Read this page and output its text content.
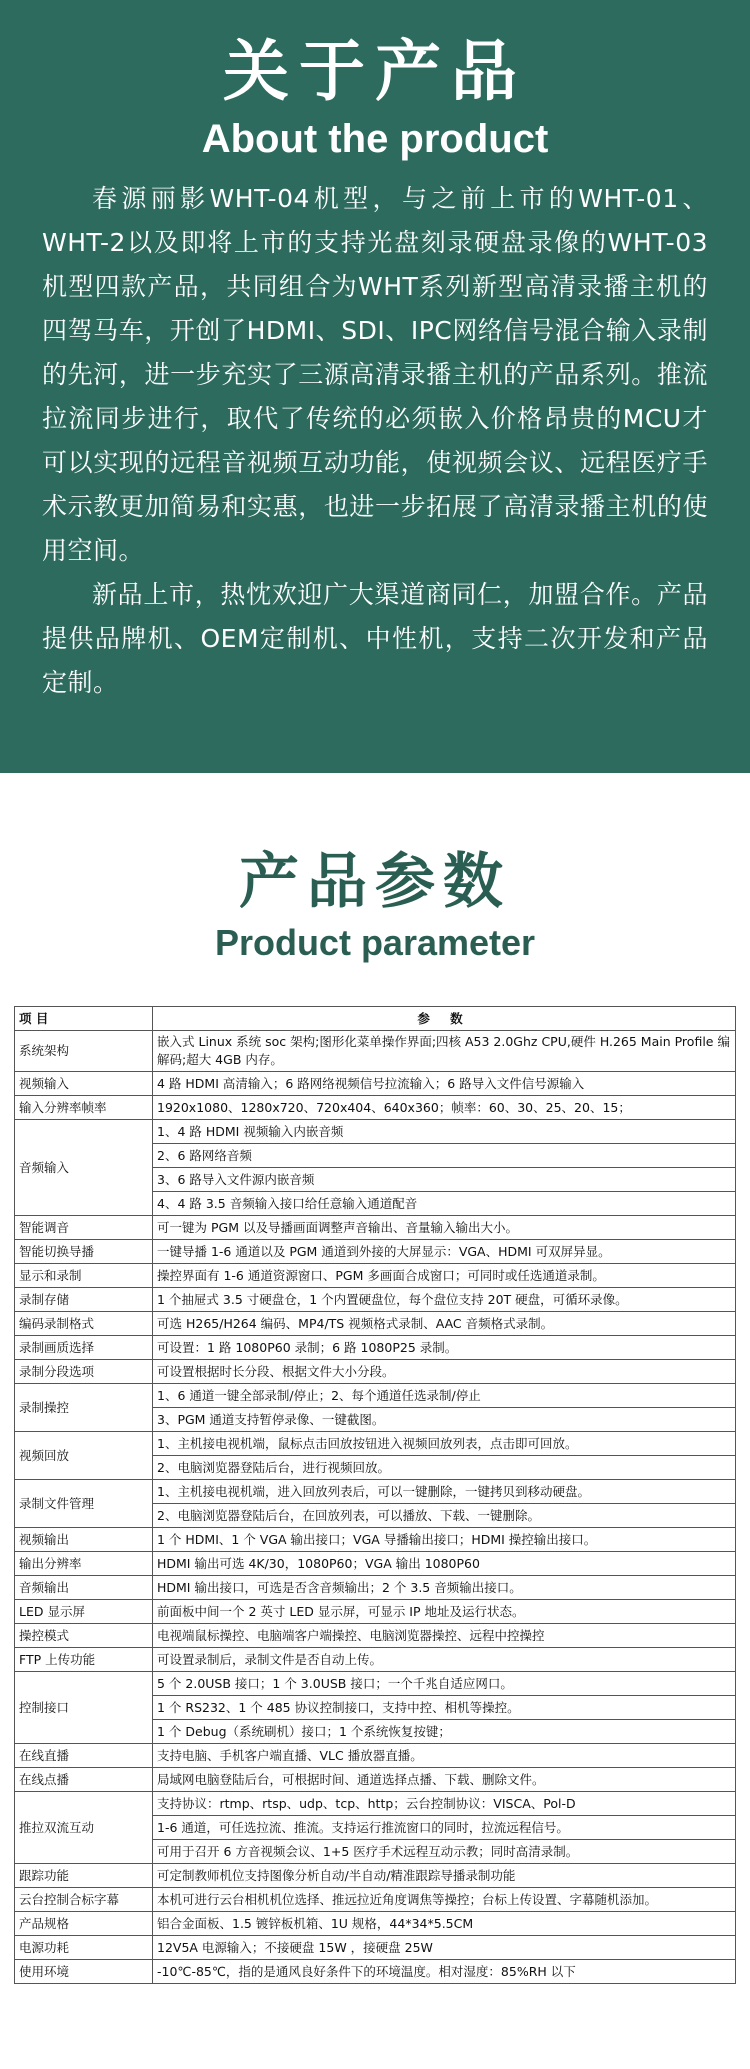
关于产品
About the product

春源丽影WHT-04机型，与之前上市的WHT-01、WHT-2以及即将上市的支持光盘刻录硬盘录像的WHT-03机型四款产品，共同组合为WHT系列新型高清录播主机的四驾马车，开创了HDMI、SDI、IPC网络信号混合输入录制的先河，进一步充实了三源高清录播主机的产品系列。推流拉流同步进行，取代了传统的必须嵌入价格昂贵的MCU才可以实现的远程音视频互动功能，使视频会议、远程医疗手术示教更加简易和实惠，也进一步拓展了高清录播主机的使用空间。

新品上市，热忱欢迎广大渠道商同仁，加盟合作。产品提供品牌机、OEM定制机、中性机，支持二次开发和产品定制。

产品参数
Product parameter
项 目	参 数
系统架构	嵌入式 Linux 系统 soc 架构;图形化菜单操作界面;四核 A53 2.0Ghz CPU,硬件 H.265 Main Profile 编解码;超大 4GB 内存。
视频输入	4 路 HDMI 高清输入；6 路网络视频信号拉流输入；6 路导入文件信号源输入
输入分辨率帧率	1920x1080、1280x720、720x404、640x360；帧率：60、30、25、20、15；
音频输入	1、4 路 HDMI 视频输入内嵌音频
	2、6 路网络音频
	3、6 路导入文件源内嵌音频
	4、4 路 3.5 音频输入接口给任意输入通道配音
智能调音	可一键为 PGM 以及导播画面调整声音输出、音量输入输出大小。
智能切换导播	一键导播 1-6 通道以及 PGM 通道到外接的大屏显示：VGA、HDMI 可双屏异显。
显示和录制	操控界面有 1-6 通道资源窗口、PGM 多画面合成窗口；可同时或任选通道录制。
录制存储	1 个抽屉式 3.5 寸硬盘仓，1 个内置硬盘位，每个盘位支持 20T 硬盘，可循环录像。
编码录制格式	可选 H265/H264 编码、MP4/TS 视频格式录制、AAC 音频格式录制。
录制画质选择	可设置：1 路 1080P60 录制；6 路 1080P25 录制。
录制分段选项	可设置根据时长分段、根据文件大小分段。
录制操控	1、6 通道一键全部录制/停止；2、每个通道任选录制/停止
	3、PGM 通道支持暂停录像、一键截图。
视频回放	1、主机接电视机端，鼠标点击回放按钮进入视频回放列表，点击即可回放。
	2、电脑浏览器登陆后台，进行视频回放。
录制文件管理	1、主机接电视机端，进入回放列表后，可以一键删除，一键拷贝到移动硬盘。
	2、电脑浏览器登陆后台，在回放列表，可以播放、下载、一键删除。
视频输出	1 个 HDMI、1 个 VGA 输出接口；VGA 导播输出接口；HDMI 操控输出接口。
输出分辨率	HDMI 输出可选 4K/30，1080P60；VGA 输出 1080P60
音频输出	HDMI 输出接口，可选是否含音频输出；2 个 3.5 音频输出接口。
LED 显示屏	前面板中间一个 2 英寸 LED 显示屏，可显示 IP 地址及运行状态。
操控模式	电视端鼠标操控、电脑端客户端操控、电脑浏览器操控、远程中控操控
FTP 上传功能	可设置录制后，录制文件是否自动上传。
控制接口	5 个 2.0USB 接口；1 个 3.0USB 接口；一个千兆自适应网口。
	1 个 RS232、1 个 485 协议控制接口，支持中控、相机等操控。
	1 个 Debug（系统刷机）接口；1 个系统恢复按键；
在线直播	支持电脑、手机客户端直播、VLC 播放器直播。
在线点播	局域网电脑登陆后台，可根据时间、通道选择点播、下载、删除文件。
推拉双流互动	支持协议：rtmp、rtsp、udp、tcp、http；云台控制协议：VISCA、Pol-D
	1-6 通道，可任选拉流、推流。支持运行推流窗口的同时，拉流远程信号。
	可用于召开 6 方音视频会议、1+5 医疗手术远程互动示教；同时高清录制。
跟踪功能	可定制教师机位支持图像分析自动/半自动/精准跟踪导播录制功能
云台控制合标字幕	本机可进行云台相机机位选择、推远拉近角度调焦等操控；台标上传设置、字幕随机添加。
产品规格	铝合金面板、1.5 镀锌板机箱、1U 规格，44*34*5.5CM
电源功耗	12V5A 电源输入；不接硬盘 15W ，接硬盘 25W
使用环境	-10℃-85℃，指的是通风良好条件下的环境温度。相对湿度：85%RH 以下
